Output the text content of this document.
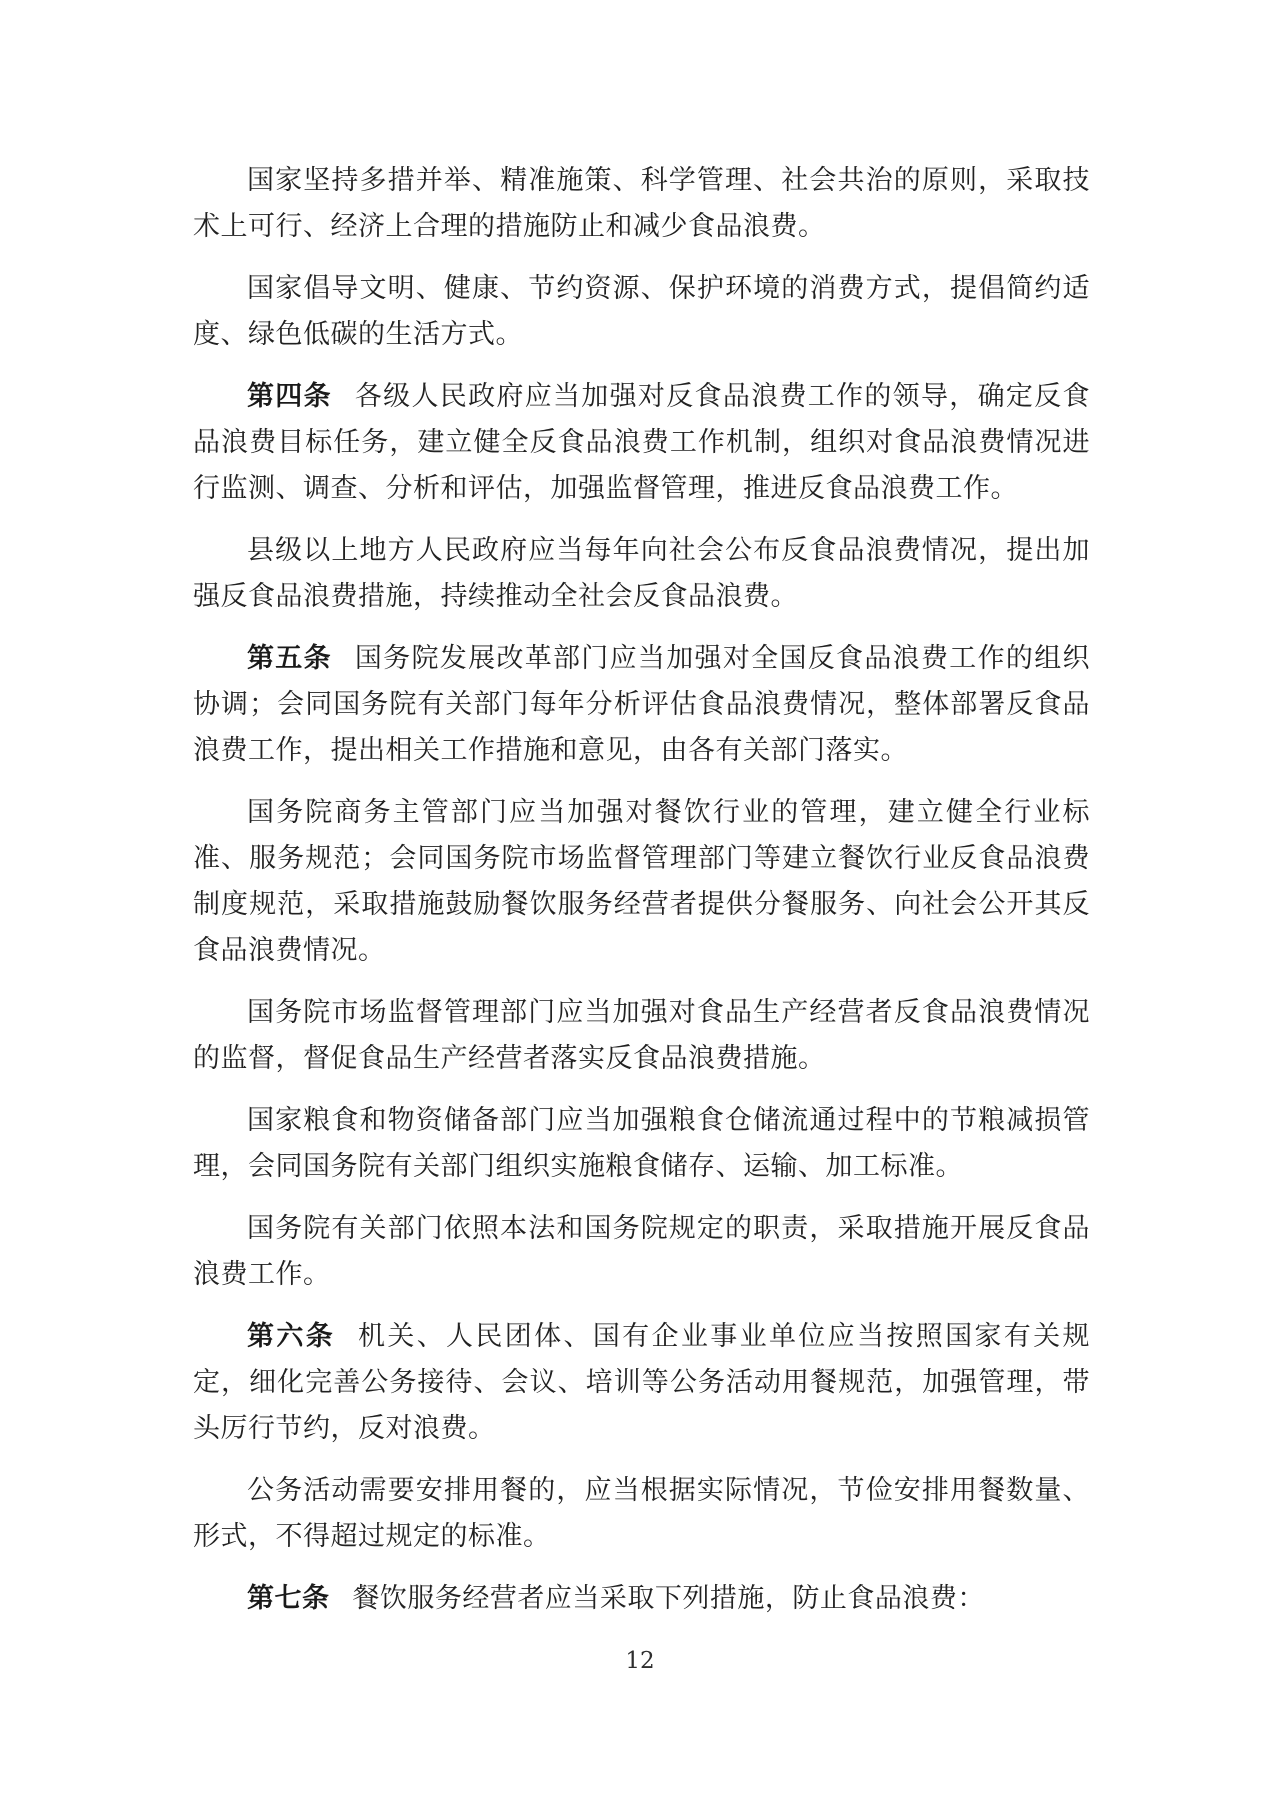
国家坚持多措并举、精准施策、科学管理、社会共治的原则，采取技术上可行、经济上合理的措施防止和减少食品浪费。

国家倡导文明、健康、节约资源、保护环境的消费方式，提倡简约适度、绿色低碳的生活方式。

第四条 各级人民政府应当加强对反食品浪费工作的领导，确定反食品浪费目标任务，建立健全反食品浪费工作机制，组织对食品浪费情况进行监测、调查、分析和评估，加强监督管理，推进反食品浪费工作。

县级以上地方人民政府应当每年向社会公布反食品浪费情况，提出加强反食品浪费措施，持续推动全社会反食品浪费。

第五条 国务院发展改革部门应当加强对全国反食品浪费工作的组织协调；会同国务院有关部门每年分析评估食品浪费情况，整体部署反食品浪费工作，提出相关工作措施和意见，由各有关部门落实。

国务院商务主管部门应当加强对餐饮行业的管理，建立健全行业标准、服务规范；会同国务院市场监督管理部门等建立餐饮行业反食品浪费制度规范，采取措施鼓励餐饮服务经营者提供分餐服务、向社会公开其反食品浪费情况。

国务院市场监督管理部门应当加强对食品生产经营者反食品浪费情况的监督，督促食品生产经营者落实反食品浪费措施。

国家粮食和物资储备部门应当加强粮食仓储流通过程中的节粮减损管理，会同国务院有关部门组织实施粮食储存、运输、加工标准。

国务院有关部门依照本法和国务院规定的职责，采取措施开展反食品浪费工作。

第六条 机关、人民团体、国有企业事业单位应当按照国家有关规定，细化完善公务接待、会议、培训等公务活动用餐规范，加强管理，带头厉行节约，反对浪费。

公务活动需要安排用餐的，应当根据实际情况，节俭安排用餐数量、形式，不得超过规定的标准。

第七条 餐饮服务经营者应当采取下列措施，防止食品浪费：

12
